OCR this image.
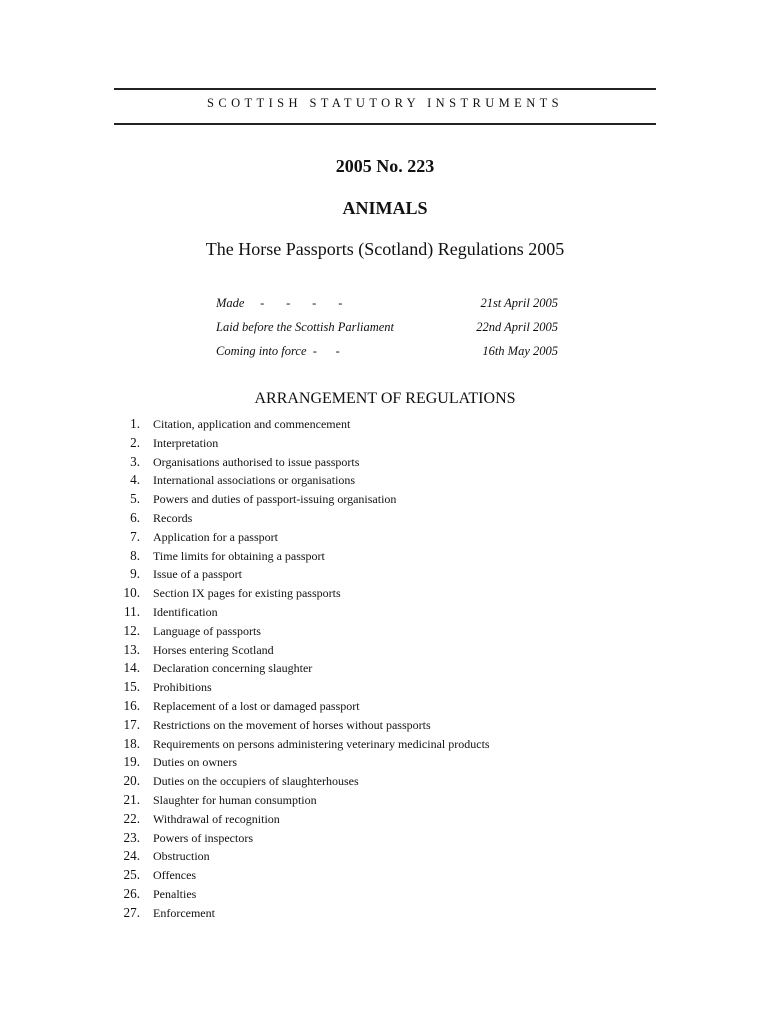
SCOTTISH STATUTORY INSTRUMENTS
2005 No. 223
ANIMALS
The Horse Passports (Scotland) Regulations 2005
Made     -       -       -       -	21st April 2005
Laid before the Scottish Parliament	22nd April 2005
Coming into force  -      -	16th May 2005
ARRANGEMENT OF REGULATIONS
1. Citation, application and commencement
2. Interpretation
3. Organisations authorised to issue passports
4. International associations or organisations
5. Powers and duties of passport-issuing organisation
6. Records
7. Application for a passport
8. Time limits for obtaining a passport
9. Issue of a passport
10. Section IX pages for existing passports
11. Identification
12. Language of passports
13. Horses entering Scotland
14. Declaration concerning slaughter
15. Prohibitions
16. Replacement of a lost or damaged passport
17. Restrictions on the movement of horses without passports
18. Requirements on persons administering veterinary medicinal products
19. Duties on owners
20. Duties on the occupiers of slaughterhouses
21. Slaughter for human consumption
22. Withdrawal of recognition
23. Powers of inspectors
24. Obstruction
25. Offences
26. Penalties
27. Enforcement
